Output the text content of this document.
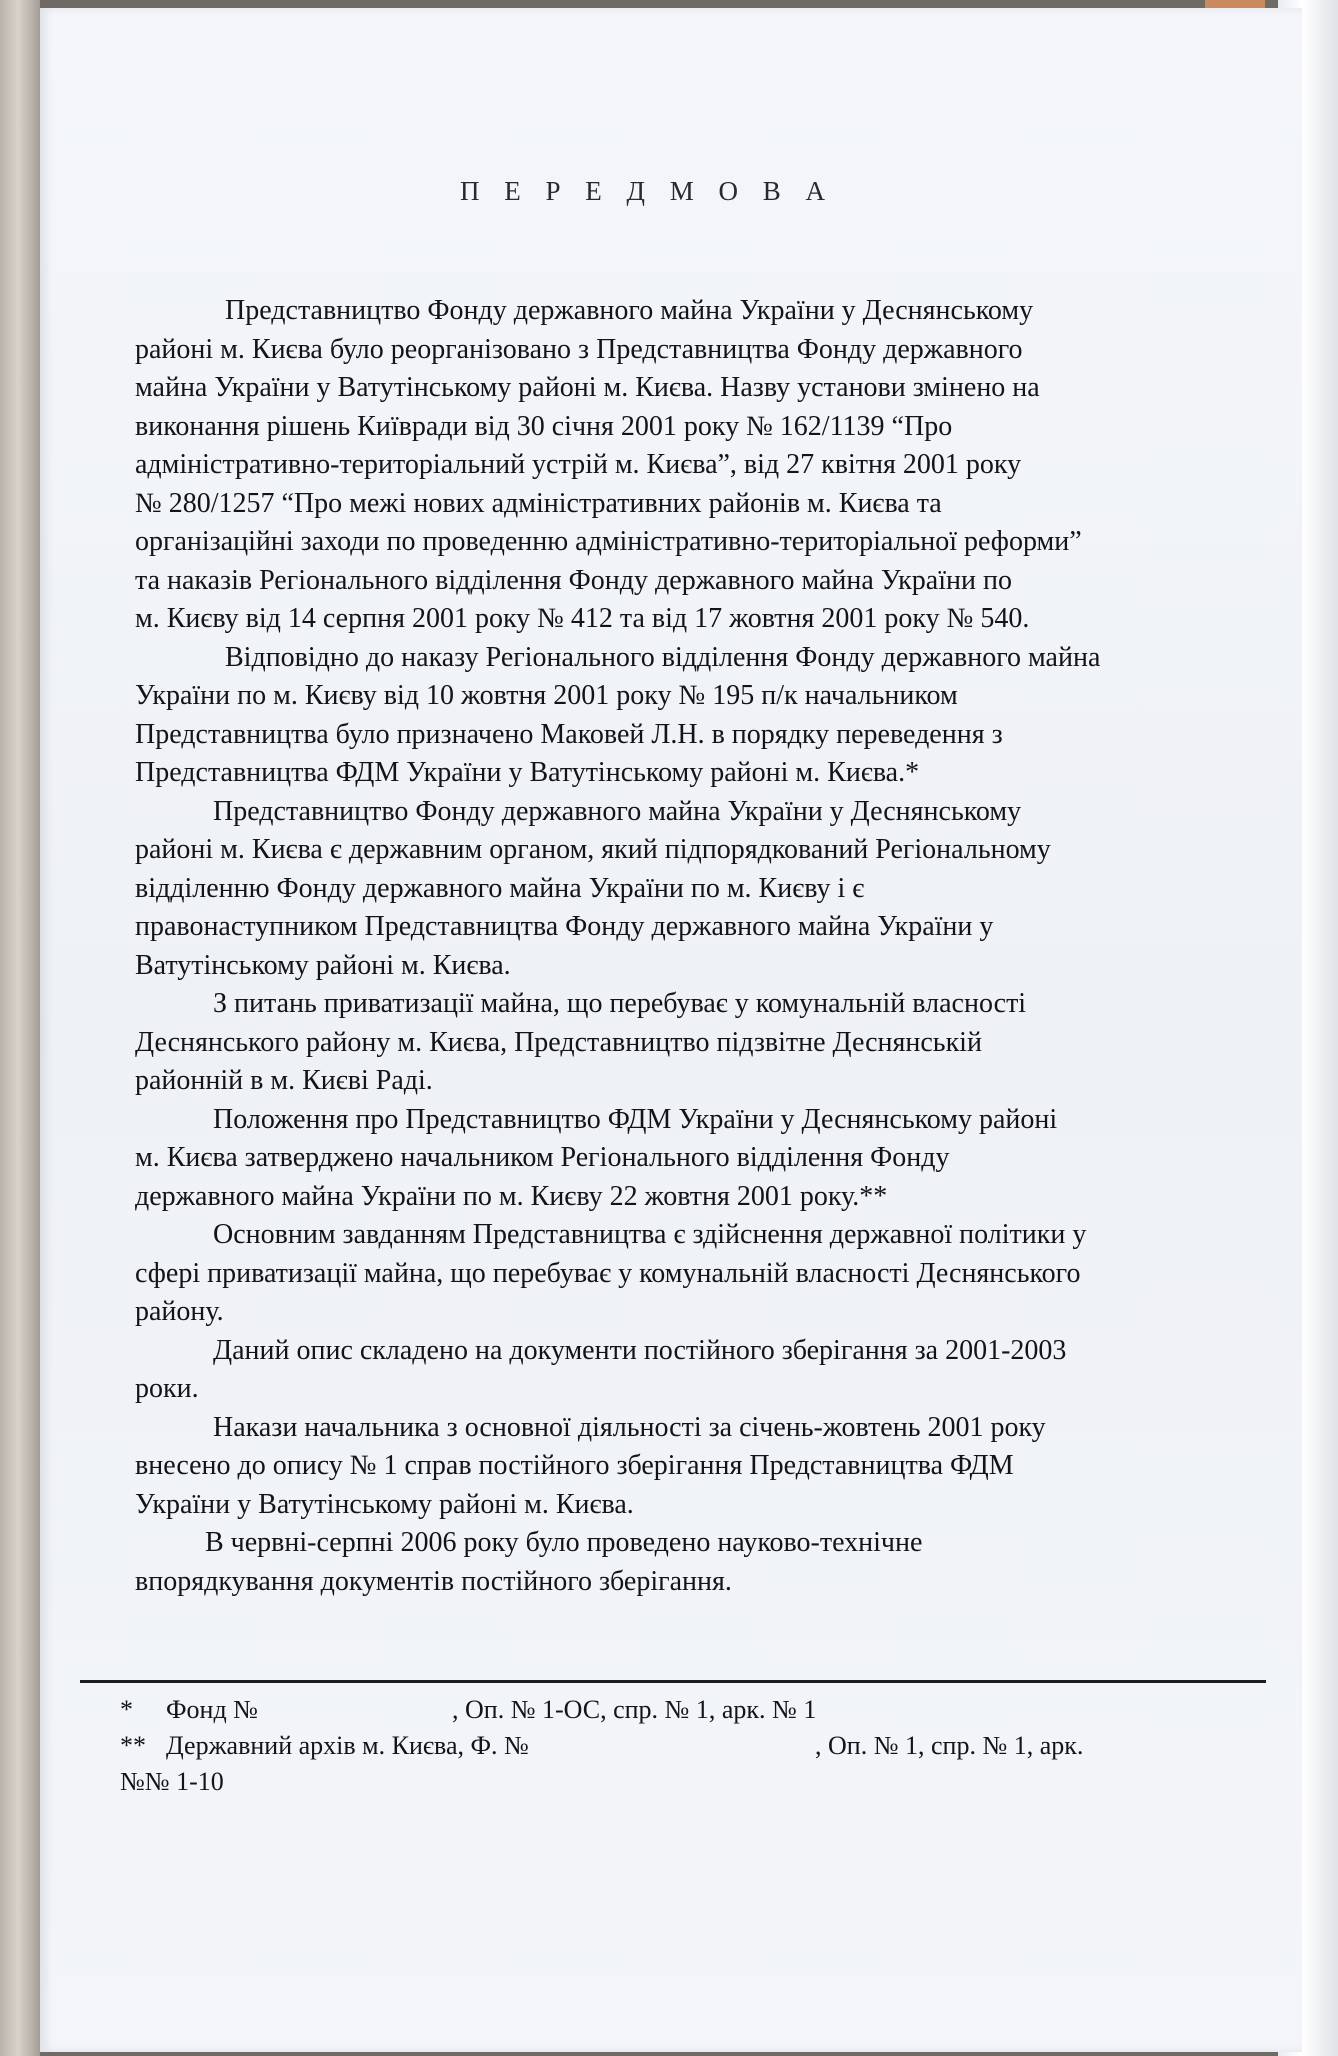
П Е Р Е Д М О В А
Представництво Фонду державного майна України у Деснянському
районі м. Києва було реорганізовано з Представництва Фонду державного
майна України у Ватутінському районі м. Києва. Назву установи змінено на
виконання рішень Київради від 30 січня 2001 року № 162/1139 “Про
адміністративно-територіальний устрій м. Києва”, від 27 квітня 2001 року
№ 280/1257 “Про межі нових адміністративних районів м. Києва та
організаційні заходи по проведенню адміністративно-територіальної реформи”
та наказів Регіонального відділення Фонду державного майна України по
м. Києву від 14 серпня 2001 року № 412 та від 17 жовтня 2001 року № 540.
Відповідно до наказу Регіонального відділення Фонду державного майна
України по м. Києву від 10 жовтня 2001 року № 195 п/к начальником
Представництва було призначено Маковей Л.Н. в порядку переведення з
Представництва ФДМ України у Ватутінському районі м. Києва.*
Представництво Фонду державного майна України у Деснянському
районі м. Києва є державним органом, який підпорядкований Регіональному
відділенню Фонду державного майна України по м. Києву і є
правонаступником Представництва Фонду державного майна України у
Ватутінському районі м. Києва.
З питань приватизації майна, що перебуває у комунальній власності
Деснянського району м. Києва, Представництво підзвітне Деснянській
районній в м. Києві Раді.
Положення про Представництво ФДМ України у Деснянському районі
м. Києва затверджено начальником Регіонального відділення Фонду
державного майна України по м. Києву 22 жовтня 2001 року.**
Основним завданням Представництва є здійснення державної політики у
сфері приватизації майна, що перебуває у комунальній власності Деснянського
району.
Даний опис складено на документи постійного зберігання за 2001-2003
роки.
Накази начальника з основної діяльності за січень-жовтень 2001 року
внесено до опису № 1 справ постійного зберігання Представництва ФДМ
України у Ватутінському районі м. Києва.
В червні-серпні 2006 року було проведено науково-технічне
впорядкування документів постійного зберігання.
* Фонд №	, Оп. № 1-ОС, спр. № 1, арк. № 1
** Державний архів м. Києва, Ф. №	, Оп. № 1, спр. № 1, арк.
№№ 1-10
